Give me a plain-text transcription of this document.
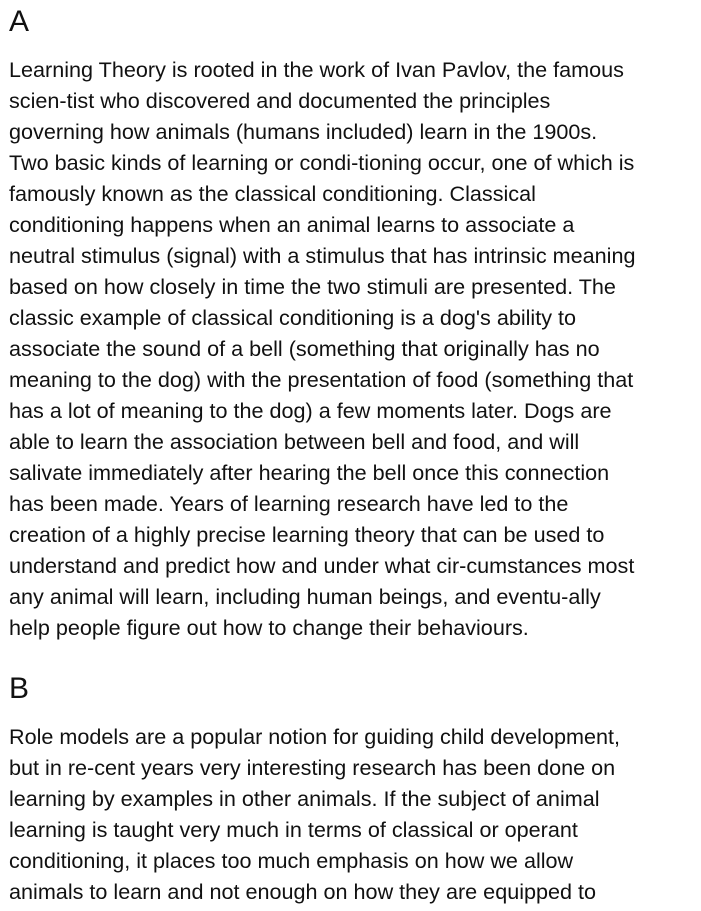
A

Learning Theory is rooted in the work of Ivan Pavlov, the famous
scien-tist who discovered and documented the principles
governing how animals (humans included) learn in the 1900s.
Two basic kinds of learning or condi-tioning occur, one of which is
famously known as the classical conditioning. Classical
conditioning happens when an animal learns to associate a
neutral stimulus (signal) with a stimulus that has intrinsic meaning
based on how closely in time the two stimuli are presented. The
classic example of classical conditioning is a dog's ability to
associate the sound of a bell (something that originally has no
meaning to the dog) with the presentation of food (something that
has a lot of meaning to the dog) a few moments later. Dogs are
able to learn the association between bell and food, and will
salivate immediately after hearing the bell once this connection
has been made. Years of learning research have led to the
creation of a highly precise learning theory that can be used to
understand and predict how and under what cir-cumstances most
any animal will learn, including human beings, and eventu-ally
help people figure out how to change their behaviours.

B

Role models are a popular notion for guiding child development,
but in re-cent years very interesting research has been done on
learning by examples in other animals. If the subject of animal
learning is taught very much in terms of classical or operant
conditioning, it places too much emphasis on how we allow
animals to learn and not enough on how they are equipped to
